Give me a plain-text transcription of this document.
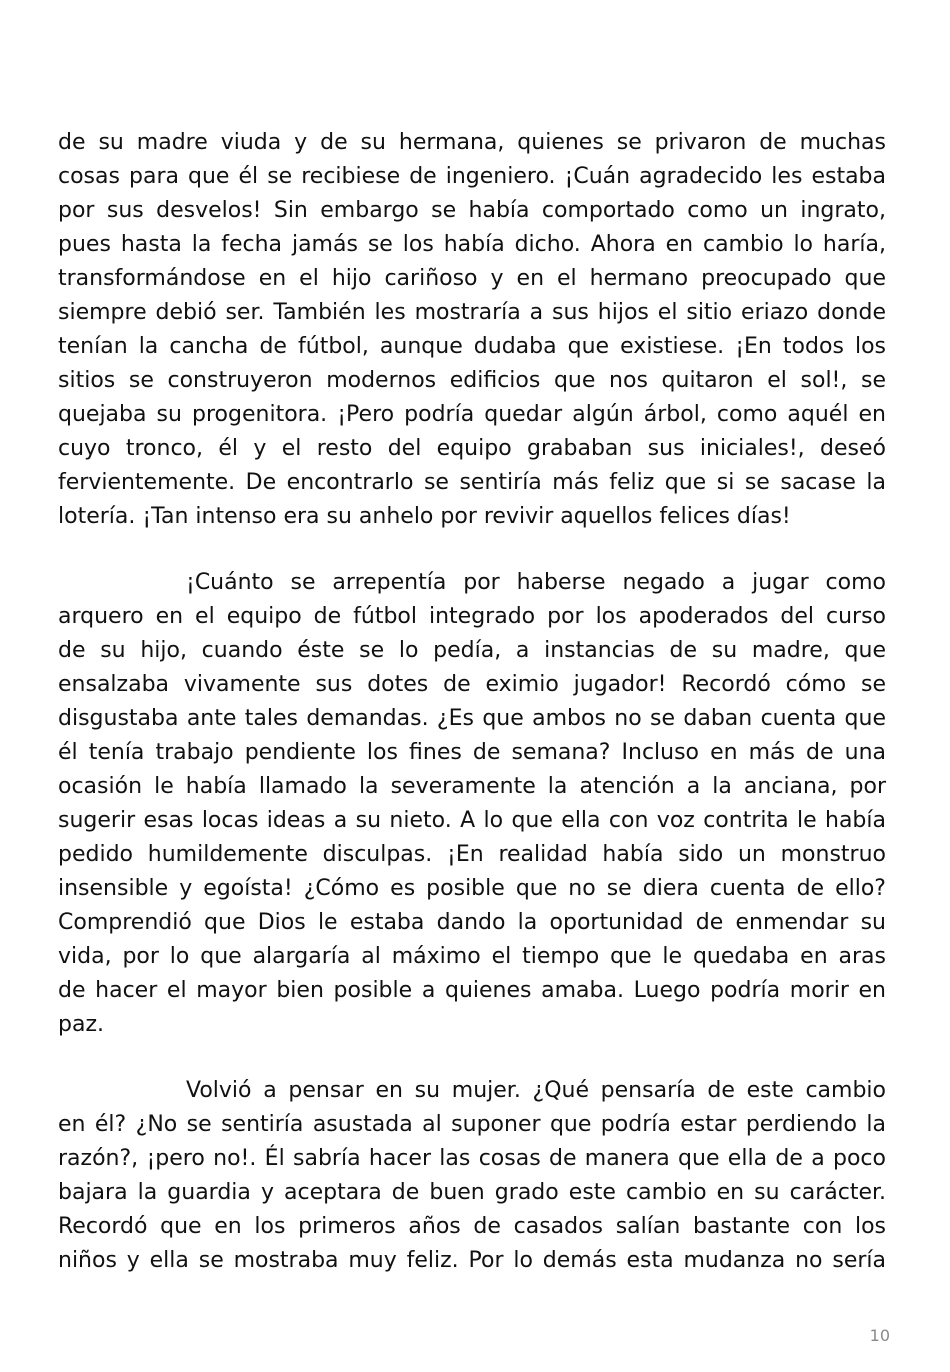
de su madre viuda y de su hermana, quienes se privaron de muchas
cosas para que él se recibiese de ingeniero. ¡Cuán agradecido les estaba
por sus desvelos! Sin embargo se había comportado como un ingrato,
pues hasta la fecha jamás se los había dicho. Ahora en cambio lo haría,
transformándose en el hijo cariñoso y en el hermano preocupado que
siempre debió ser. También les mostraría a sus hijos el sitio eriazo donde
tenían la cancha de fútbol, aunque dudaba que existiese. ¡En todos los
sitios se construyeron modernos edificios que nos quitaron el sol!, se
quejaba su progenitora. ¡Pero podría quedar algún árbol, como aquél en
cuyo tronco, él y el resto del equipo grababan sus iniciales!, deseó
fervientemente. De encontrarlo se sentiría más feliz que si se sacase la
lotería. ¡Tan intenso era su anhelo por revivir aquellos felices días!
¡Cuánto se arrepentía por haberse negado a jugar como
arquero en el equipo de fútbol integrado por los apoderados del curso
de su hijo, cuando éste se lo pedía, a instancias de su madre, que
ensalzaba vivamente sus dotes de eximio jugador! Recordó cómo se
disgustaba ante tales demandas. ¿Es que ambos no se daban cuenta que
él tenía trabajo pendiente los fines de semana? Incluso en más de una
ocasión le había llamado la severamente la atención a la anciana, por
sugerir esas locas ideas a su nieto. A lo que ella con voz contrita le había
pedido humildemente disculpas. ¡En realidad había sido un monstruo
insensible y egoísta! ¿Cómo es posible que no se diera cuenta de ello?
Comprendió que Dios le estaba dando la oportunidad de enmendar su
vida, por lo que alargaría al máximo el tiempo que le quedaba en aras
de hacer el mayor bien posible a quienes amaba. Luego podría morir en
paz.
Volvió a pensar en su mujer. ¿Qué pensaría de este cambio
en él? ¿No se sentiría asustada al suponer que podría estar perdiendo la
razón?, ¡pero no!. Él sabría hacer las cosas de manera que ella de a poco
bajara la guardia y aceptara de buen grado este cambio en su carácter.
Recordó que en los primeros años de casados salían bastante con los
niños y ella se mostraba muy feliz. Por lo demás esta mudanza no sería
10
